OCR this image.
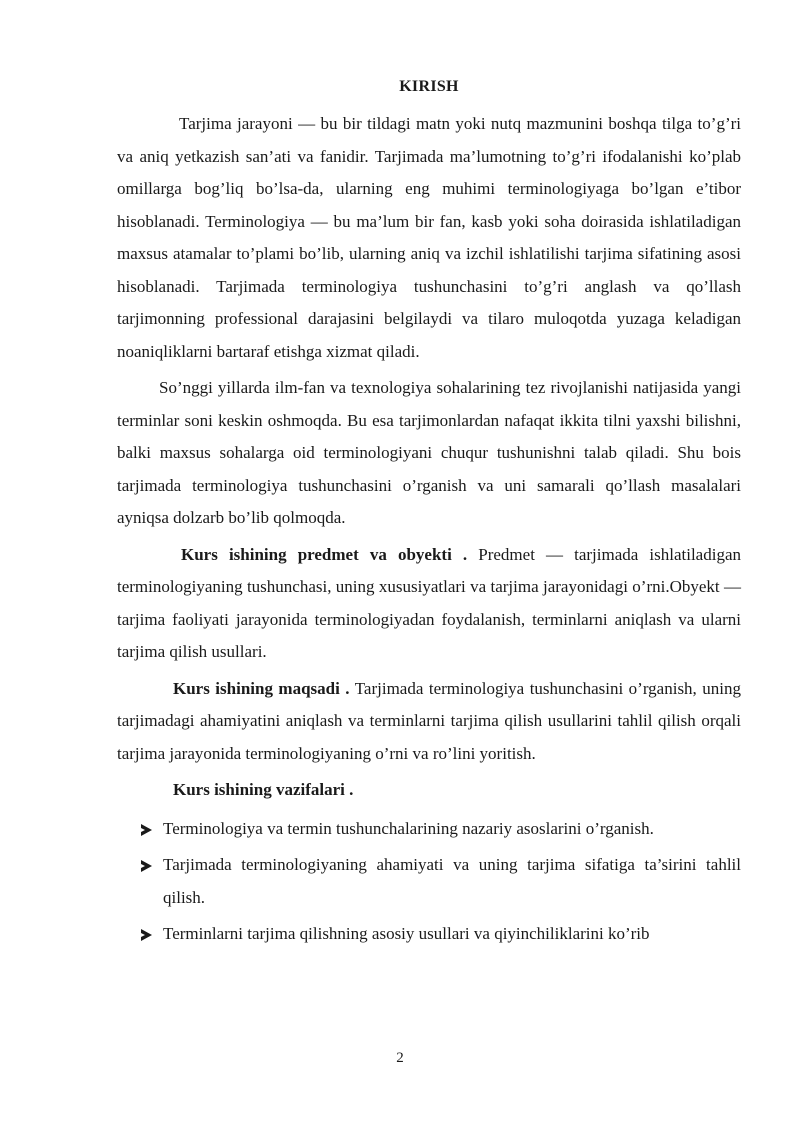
KIRISH

Tarjima jarayoni — bu bir tildagi matn yoki nutq mazmunini boshqa tilga to’g’ri va aniq yetkazish san’ati va fanidir. Tarjimada ma’lumotning to’g’ri ifodalanishi ko’plab omillarga bog’liq bo’lsa-da, ularning eng muhimi terminologiyaga bo’lgan e’tibor hisoblanadi. Terminologiya — bu ma’lum bir fan, kasb yoki soha doirasida ishlatiladigan maxsus atamalar to’plami bo’lib, ularning aniq va izchil ishlatilishi tarjima sifatining asosi hisoblanadi. Tarjimada terminologiya tushunchasini to’g’ri anglash va qo’llash tarjimonning professional darajasini belgilaydi va tilaro muloqotda yuzaga keladigan noaniqliklarni bartaraf etishga xizmat qiladi.

So’nggi yillarda ilm-fan va texnologiya sohalarining tez rivojlanishi natijasida yangi terminlar soni keskin oshmoqda. Bu esa tarjimonlardan nafaqat ikkita tilni yaxshi bilishni, balki maxsus sohalarga oid terminologiyani chuqur tushunishni talab qiladi. Shu bois tarjimada terminologiya tushunchasini o’rganish va uni samarali qo’llash masalalari ayniqsa dolzarb bo’lib qolmoqda.

Kurs ishining predmet va obyekti . Predmet — tarjimada ishlatiladigan terminologiyaning tushunchasi, uning xususiyatlari va tarjima jarayonidagi o’rni.Obyekt — tarjima faoliyati jarayonida terminologiyadan foydalanish, terminlarni aniqlash va ularni tarjima qilish usullari.

Kurs ishining maqsadi . Tarjimada terminologiya tushunchasini o’rganish, uning tarjimadagi ahamiyatini aniqlash va terminlarni tarjima qilish usullarini tahlil qilish orqali tarjima jarayonida terminologiyaning o’rni va ro’lini yoritish.

Kurs ishining vazifalari .

Terminologiya va termin tushunchalarining nazariy asoslarini o’rganish.
Tarjimada terminologiyaning ahamiyati va uning tarjima sifatiga ta’sirini tahlil qilish.
Terminlarni tarjima qilishning asosiy usullari va qiyinchiliklarini ko’rib
2
